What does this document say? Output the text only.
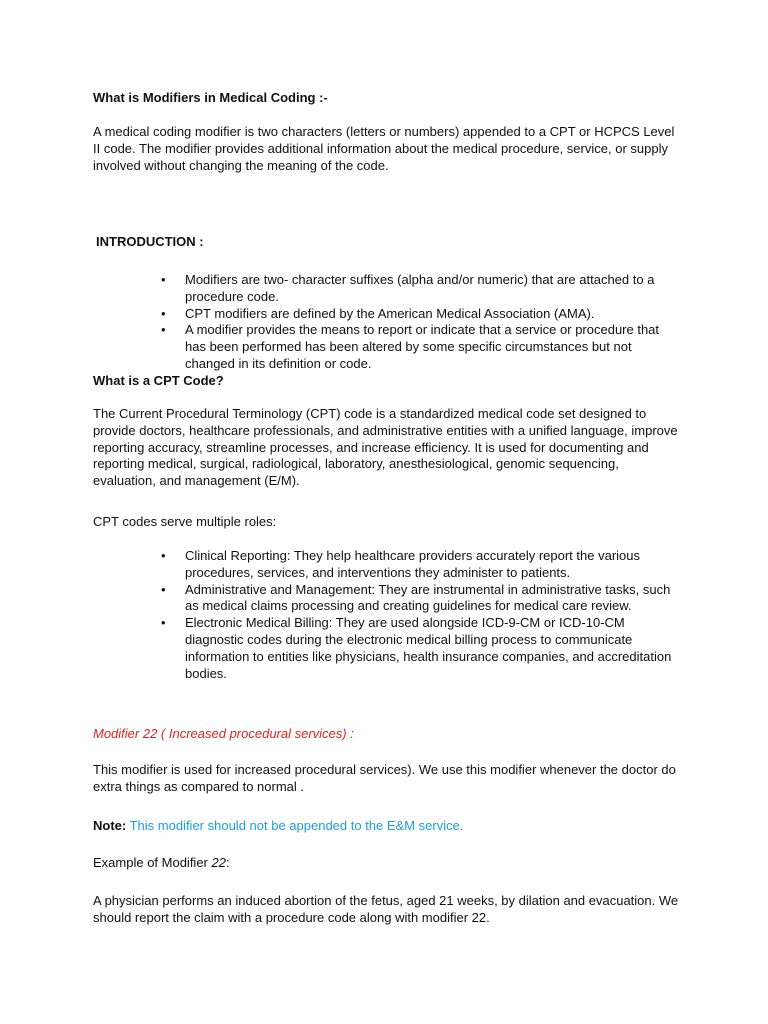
What is Modifiers in Medical Coding :-

A medical coding modifier is two characters (letters or numbers) appended to a CPT or HCPCS Level II code. The modifier provides additional information about the medical procedure, service, or supply involved without changing the meaning of the code.

INTRODUCTION :

• Modifiers are two- character suffixes (alpha and/or numeric) that are attached to a procedure code.
• CPT modifiers are defined by the American Medical Association (AMA).
• A modifier provides the means to report or indicate that a service or procedure that has been performed has been altered by some specific circumstances but not changed in its definition or code.

What is a CPT Code?

The Current Procedural Terminology (CPT) code is a standardized medical code set designed to provide doctors, healthcare professionals, and administrative entities with a unified language, improve reporting accuracy, streamline processes, and increase efficiency. It is used for documenting and reporting medical, surgical, radiological, laboratory, anesthesiological, genomic sequencing, evaluation, and management (E/M).

CPT codes serve multiple roles:

• Clinical Reporting: They help healthcare providers accurately report the various procedures, services, and interventions they administer to patients.
• Administrative and Management: They are instrumental in administrative tasks, such as medical claims processing and creating guidelines for medical care review.
• Electronic Medical Billing: They are used alongside ICD-9-CM or ICD-10-CM diagnostic codes during the electronic medical billing process to communicate information to entities like physicians, health insurance companies, and accreditation bodies.

Modifier 22 ( Increased procedural services) :

This modifier is used for increased procedural services). We use this modifier whenever the doctor do extra things as compared to normal .

Note: This modifier should not be appended to the E&M service.

Example of Modifier 22:

A physician performs an induced abortion of the fetus, aged 21 weeks, by dilation and evacuation. We should report the claim with a procedure code along with modifier 22.
